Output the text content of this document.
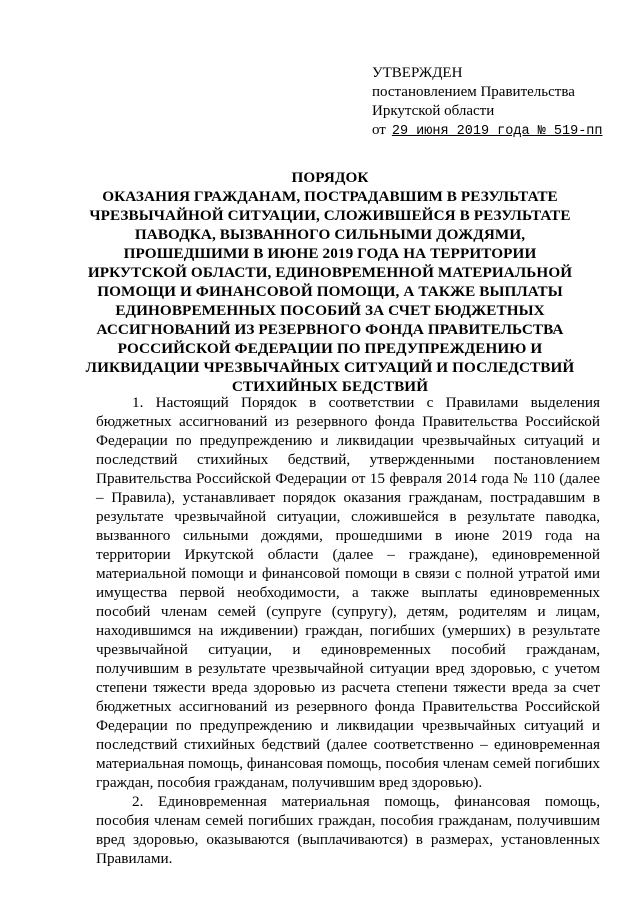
УТВЕРЖДЕН
постановлением Правительства
Иркутской области
от 29 июня 2019 года № 519-пп
ПОРЯДОК
ОКАЗАНИЯ ГРАЖДАНАМ, ПОСТРАДАВШИМ В РЕЗУЛЬТАТЕ
ЧРЕЗВЫЧАЙНОЙ СИТУАЦИИ, СЛОЖИВШЕЙСЯ В РЕЗУЛЬТАТЕ
ПАВОДКА, ВЫЗВАННОГО СИЛЬНЫМИ ДОЖДЯМИ,
ПРОШЕДШИМИ В ИЮНЕ 2019 ГОДА НА ТЕРРИТОРИИ
ИРКУТСКОЙ ОБЛАСТИ, ЕДИНОВРЕМЕННОЙ МАТЕРИАЛЬНОЙ
ПОМОЩИ И ФИНАНСОВОЙ ПОМОЩИ, А ТАКЖЕ ВЫПЛАТЫ
ЕДИНОВРЕМЕННЫХ ПОСОБИЙ ЗА СЧЕТ БЮДЖЕТНЫХ
АССИГНОВАНИЙ ИЗ РЕЗЕРВНОГО ФОНДА ПРАВИТЕЛЬСТВА
РОССИЙСКОЙ ФЕДЕРАЦИИ ПО ПРЕДУПРЕЖДЕНИЮ И
ЛИКВИДАЦИИ ЧРЕЗВЫЧАЙНЫХ СИТУАЦИЙ И ПОСЛЕДСТВИЙ
СТИХИЙНЫХ БЕДСТВИЙ

1. Настоящий Порядок в соответствии с Правилами выделения
бюджетных ассигнований из резервного фонда Правительства Российской
Федерации по предупреждению и ликвидации чрезвычайных ситуаций и
последствий стихийных бедствий, утвержденными постановлением
Правительства Российской Федерации от 15 февраля 2014 года № 110 (далее
– Правила), устанавливает порядок оказания гражданам, пострадавшим в
результате чрезвычайной ситуации, сложившейся в результате паводка,
вызванного сильными дождями, прошедшими в июне 2019 года на
территории Иркутской области (далее – граждане), единовременной
материальной помощи и финансовой помощи в связи с полной утратой ими
имущества первой необходимости, а также выплаты единовременных
пособий членам семей (супруге (супругу), детям, родителям и лицам,
находившимся на иждивении) граждан, погибших (умерших) в результате
чрезвычайной ситуации, и единовременных пособий гражданам,
получившим в результате чрезвычайной ситуации вред здоровью, с учетом
степени тяжести вреда здоровью из расчета степени тяжести вреда за счет
бюджетных ассигнований из резервного фонда Правительства Российской
Федерации по предупреждению и ликвидации чрезвычайных ситуаций и
последствий стихийных бедствий (далее соответственно – единовременная
материальная помощь, финансовая помощь, пособия членам семей погибших
граждан, пособия гражданам, получившим вред здоровью).

2. Единовременная материальная помощь, финансовая помощь,
пособия членам семей погибших граждан, пособия гражданам, получившим
вред здоровью, оказываются (выплачиваются) в размерах, установленных
Правилами.
